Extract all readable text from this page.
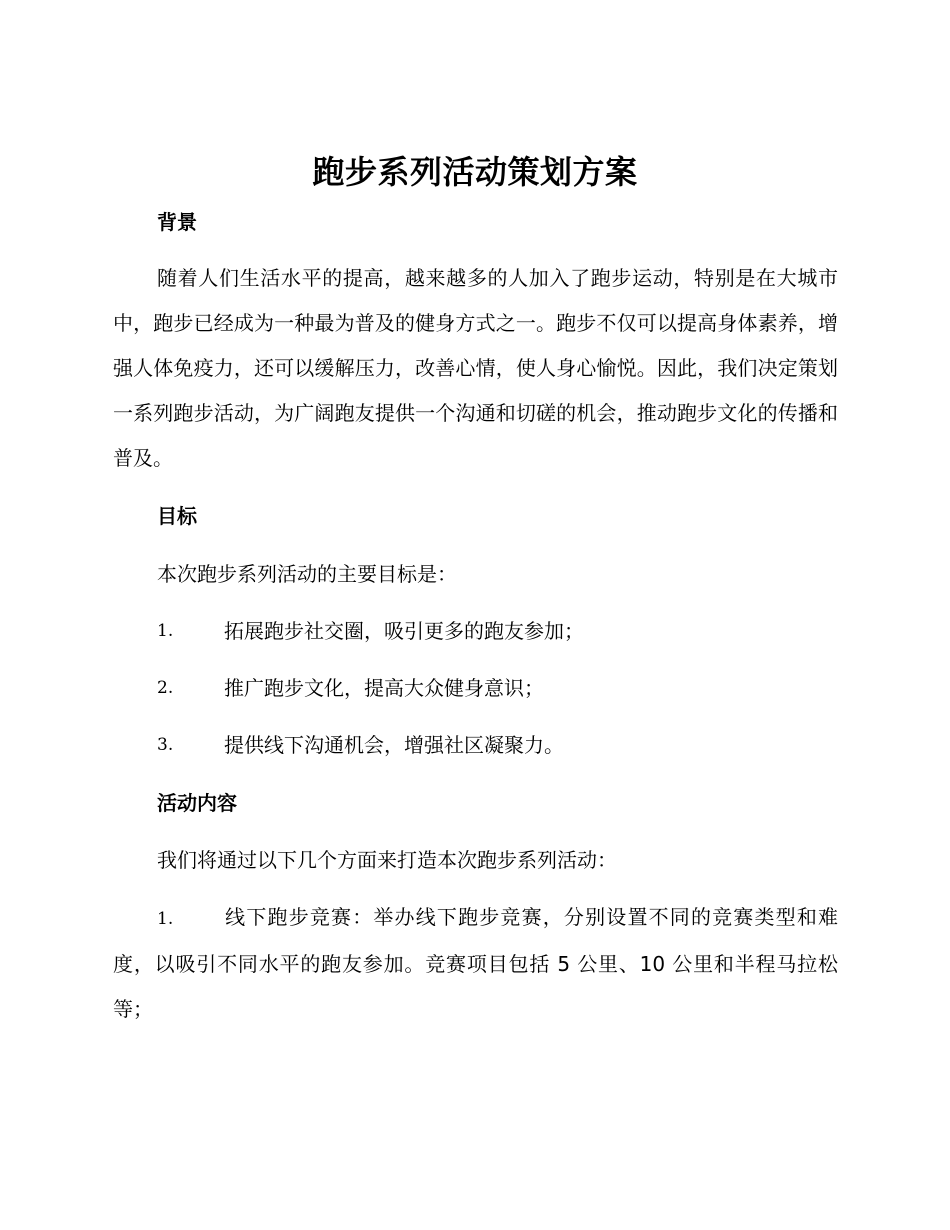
跑步系列活动策划方案
背景
随着人们生活水平的提高，越来越多的人加入了跑步运动，特别是在大城市中，跑步已经成为一种最为普及的健身方式之一。跑步不仅可以提高身体素养，增强人体免疫力，还可以缓解压力，改善心情，使人身心愉悦。因此，我们决定策划一系列跑步活动，为广阔跑友提供一个沟通和切磋的机会，推动跑步文化的传播和普及。
目标
本次跑步系列活动的主要目标是：
1.	拓展跑步社交圈，吸引更多的跑友参加；
2.	推广跑步文化，提高大众健身意识；
3.	提供线下沟通机会，增强社区凝聚力。
活动内容
我们将通过以下几个方面来打造本次跑步系列活动：
1.	线下跑步竞赛：举办线下跑步竞赛，分别设置不同的竞赛类型和难度，以吸引不同水平的跑友参加。竞赛项目包括 5 公里、10 公里和半程马拉松等；
